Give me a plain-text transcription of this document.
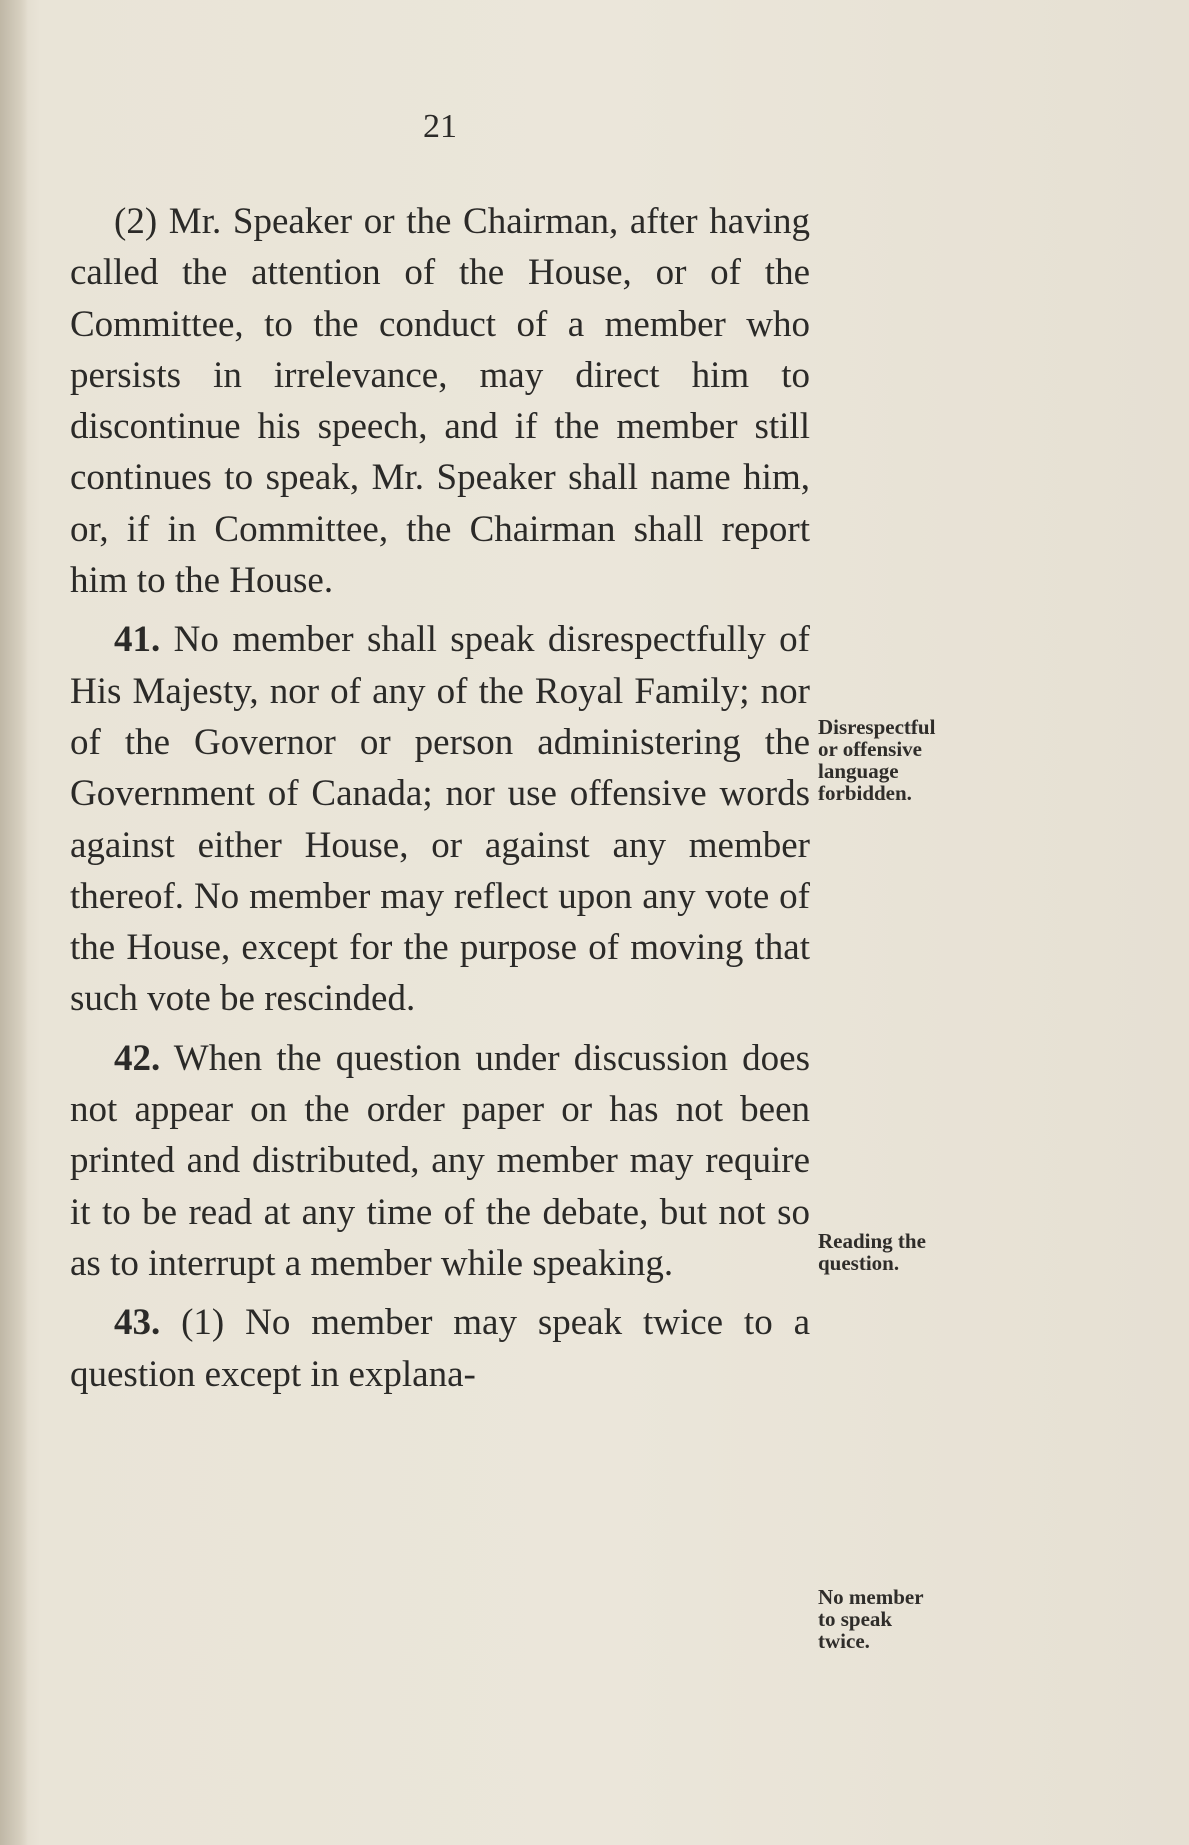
21

(2) Mr. Speaker or the Chairman, after having called the attention of the House, or of the Committee, to the conduct of a member who persists in irrelevance, may direct him to discontinue his speech, and if the member still continues to speak, Mr. Speaker shall name him, or, if in Committee, the Chairman shall report him to the House.

41. No member shall speak disrespectfully of His Majesty, nor of any of the Royal Family; nor of the Governor or person administering the Government of Canada; nor use offensive words against either House, or against any member thereof. No member may reflect upon any vote of the House, except for the purpose of moving that such vote be rescinded.

42. When the question under discussion does not appear on the order paper or has not been printed and distributed, any member may require it to be read at any time of the debate, but not so as to interrupt a member while speaking.

43. (1) No member may speak twice to a question except in explana-

Disrespectful
or offensive
language
forbidden.
Reading the
question.
No member
to speak
twice.
